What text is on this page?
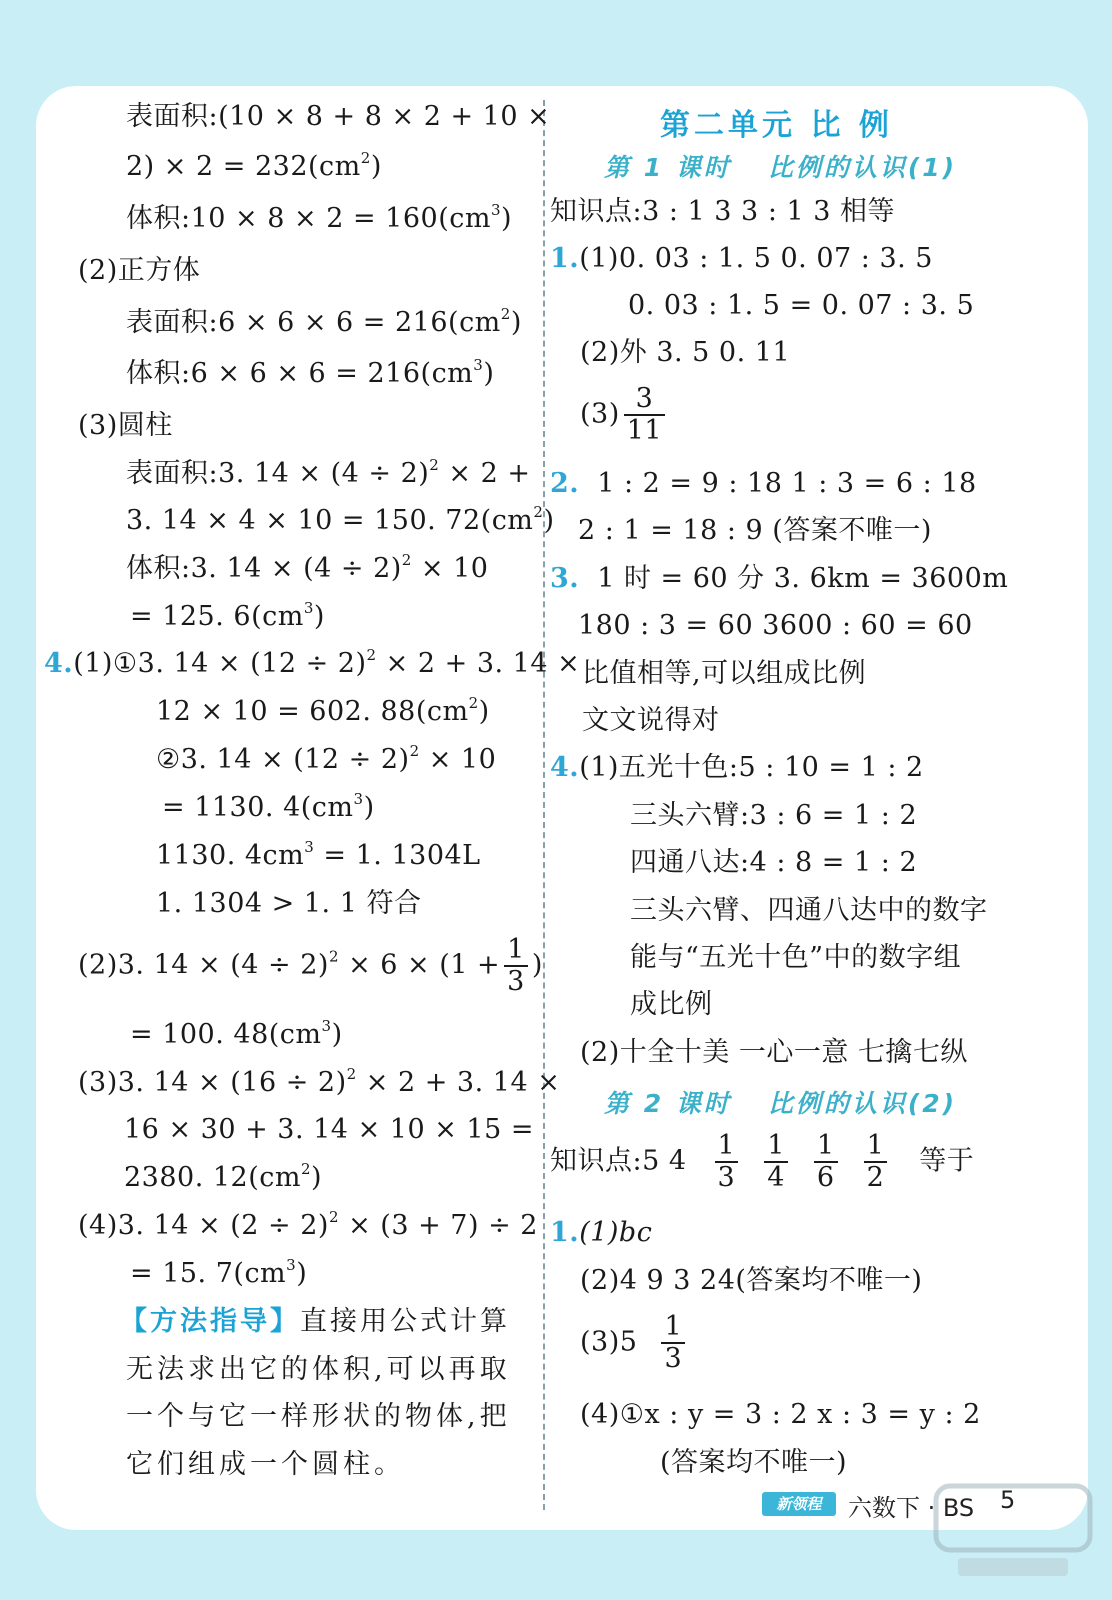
表面积:(10 × 8 + 8 × 2 + 10 ×
$2) \times 2 = 232(cm^2)$
体积:10 × $8 \times 2 = 160(cm^3)$
(2)正方体
表面积:6 × $6 \times 6 = 216(cm^2)$
体积:6 × $6 \times 6 = 216(cm^3)$
(3)圆柱
表面积:3. $14 \times (4 \div 2)^2 \times 2$ +
3. 14 × 4 × 10 = 150. $72(cm^2)$
体积:3. $14 \times (4 \div 2)^2 \times 10$
= 125. $6(cm^3)$
4.(1)①3. $14 \times (12 \div 2)^2 \times 2 + 3$. 14 ×
12 × 10 = 602. $88(cm^2)$
②3. $14 \times (12 \div 2)^2 \times 10$
= 1130. $4(cm^3)$
1130. $4cm^3 = 1$. 1304L
1. 1304 > 1. 1 符合
(2)3. $14 \times (4 \div 2)^2 \times 6 \times (1 + \frac{1}{3}$ )
= 100. $48(cm^3)$
(3)3. $14 \times (16 \div 2)^2 \times 2 + 3$. 14 ×
16 × 30 + 3. 14 × 10 × 15 =
2380. $12(cm^2)$
(4)3. $14 \times (2 \div 2)^2 \times (3 + 7) \div 2$
= 15. $7(cm^3)$
【方法指导】直接用公式计算
无法求出它的体积,可以再取
一个与它一样形状的物体,把
它们组成一个圆柱。
第二单元 比 例
第 1 课时 比例的认识(1)
知识点:3 : 1 3 3 : 1 3 相等
1.(1)0. 03 : 1. 5 0. 07 : 3. 5
0. 03 : 1. 5 = 0. 07 : 3. 5
(2)外 3. 5 0. 11
$(3) \frac{3}{11}$
2. 1 : 2 = 9 : 18 1 : 3 = 6 : 18
2 : 1 = 18 : 9 (答案不唯一)
3. 1 时 = 60 分 3. 6km = 3600m
180 : 3 = 60 3600 : 60 = 60
比值相等,可以组成比例
文文说得对
4.(1)五光十色:5 : 10 = 1 : 2
三头六臂:3 : 6 = 1 : 2
四通八达:4 : 8 = 1 : 2
三头六臂、四通八达中的数字
能与“五光十色”中的数字组
成比例
(2)十全十美 一心一意 七擒七纵
第 2 课时 比例的认识(2)
知识点:5 $4 \frac{1}{3} \frac{1}{4} \frac{1}{6} \frac{1}{2}$ 等于
1.(1)bc
(2)4 9 3 24(答案均不唯一)
$(3)5 \frac{1}{3}$
(4)①x : y = 3 : 2 x : 3 = y : 2
(答案均不唯一)
新领程	六数下 · BS 5
